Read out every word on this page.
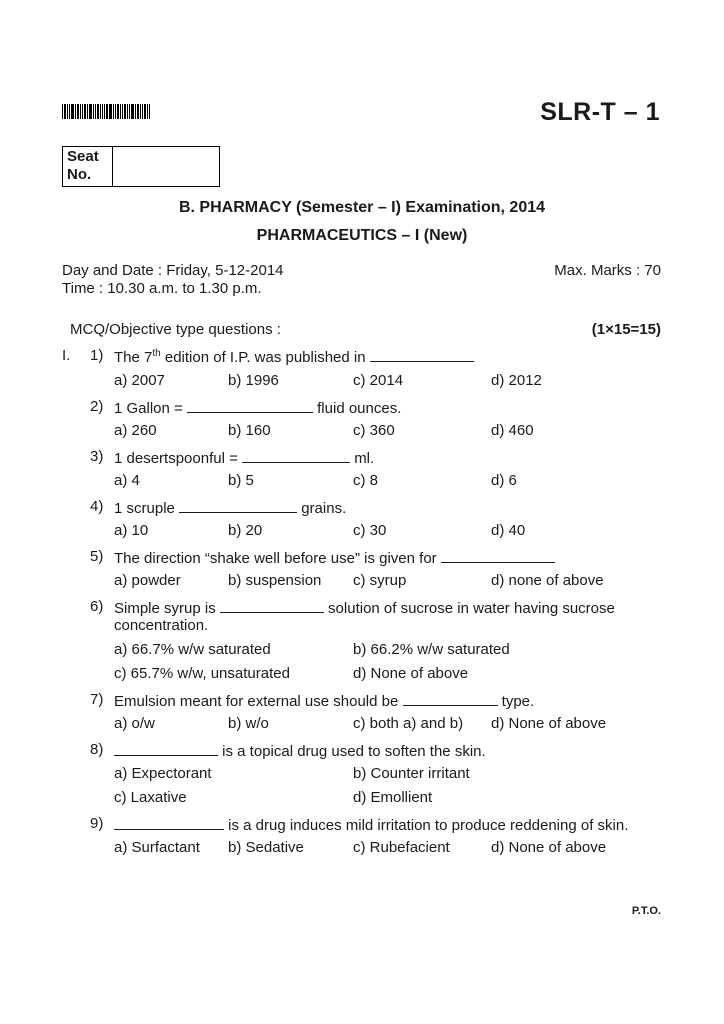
SLR-T – 1
Seat
No.
B. PHARMACY (Semester – I) Examination, 2014
PHARMACEUTICS – I (New)
Day and Date : Friday, 5-12-2014	Max. Marks : 70
Time : 10.30 a.m. to 1.30 p.m.
MCQ/Objective type questions :	(1×15=15)
I. 1) The 7th edition of I.P. was published in
a) 2007	b) 1996	c) 2014	d) 2012
2) 1 Gallon =	fluid ounces.
a) 260	b) 160	c) 360	d) 460
3) 1 desertspoonful =	ml.
a) 4	b) 5	c) 8	d) 6
4) 1 scruple	grains.
a) 10	b) 20	c) 30	d) 40
5) The direction “shake well before use” is given for
a) powder	b) suspension c) syrup	d) none of above
6) Simple syrup is	solution of sucrose in water having sucrose
concentration.
a) 66.7% w/w saturated	b) 66.2% w/w saturated
c) 65.7% w/w, unsaturated	d) None of above
7) Emulsion meant for external use should be	type.
a) o/w	b) w/o	c) both a) and b) d) None of above
8)	is a topical drug used to soften the skin.
a) Expectorant	b) Counter irritant
c) Laxative	d) Emollient
9)	is a drug induces mild irritation to produce reddening of skin.
a) Surfactant b) Sedative	c) Rubefacient	d) None of above
P.T.O.
